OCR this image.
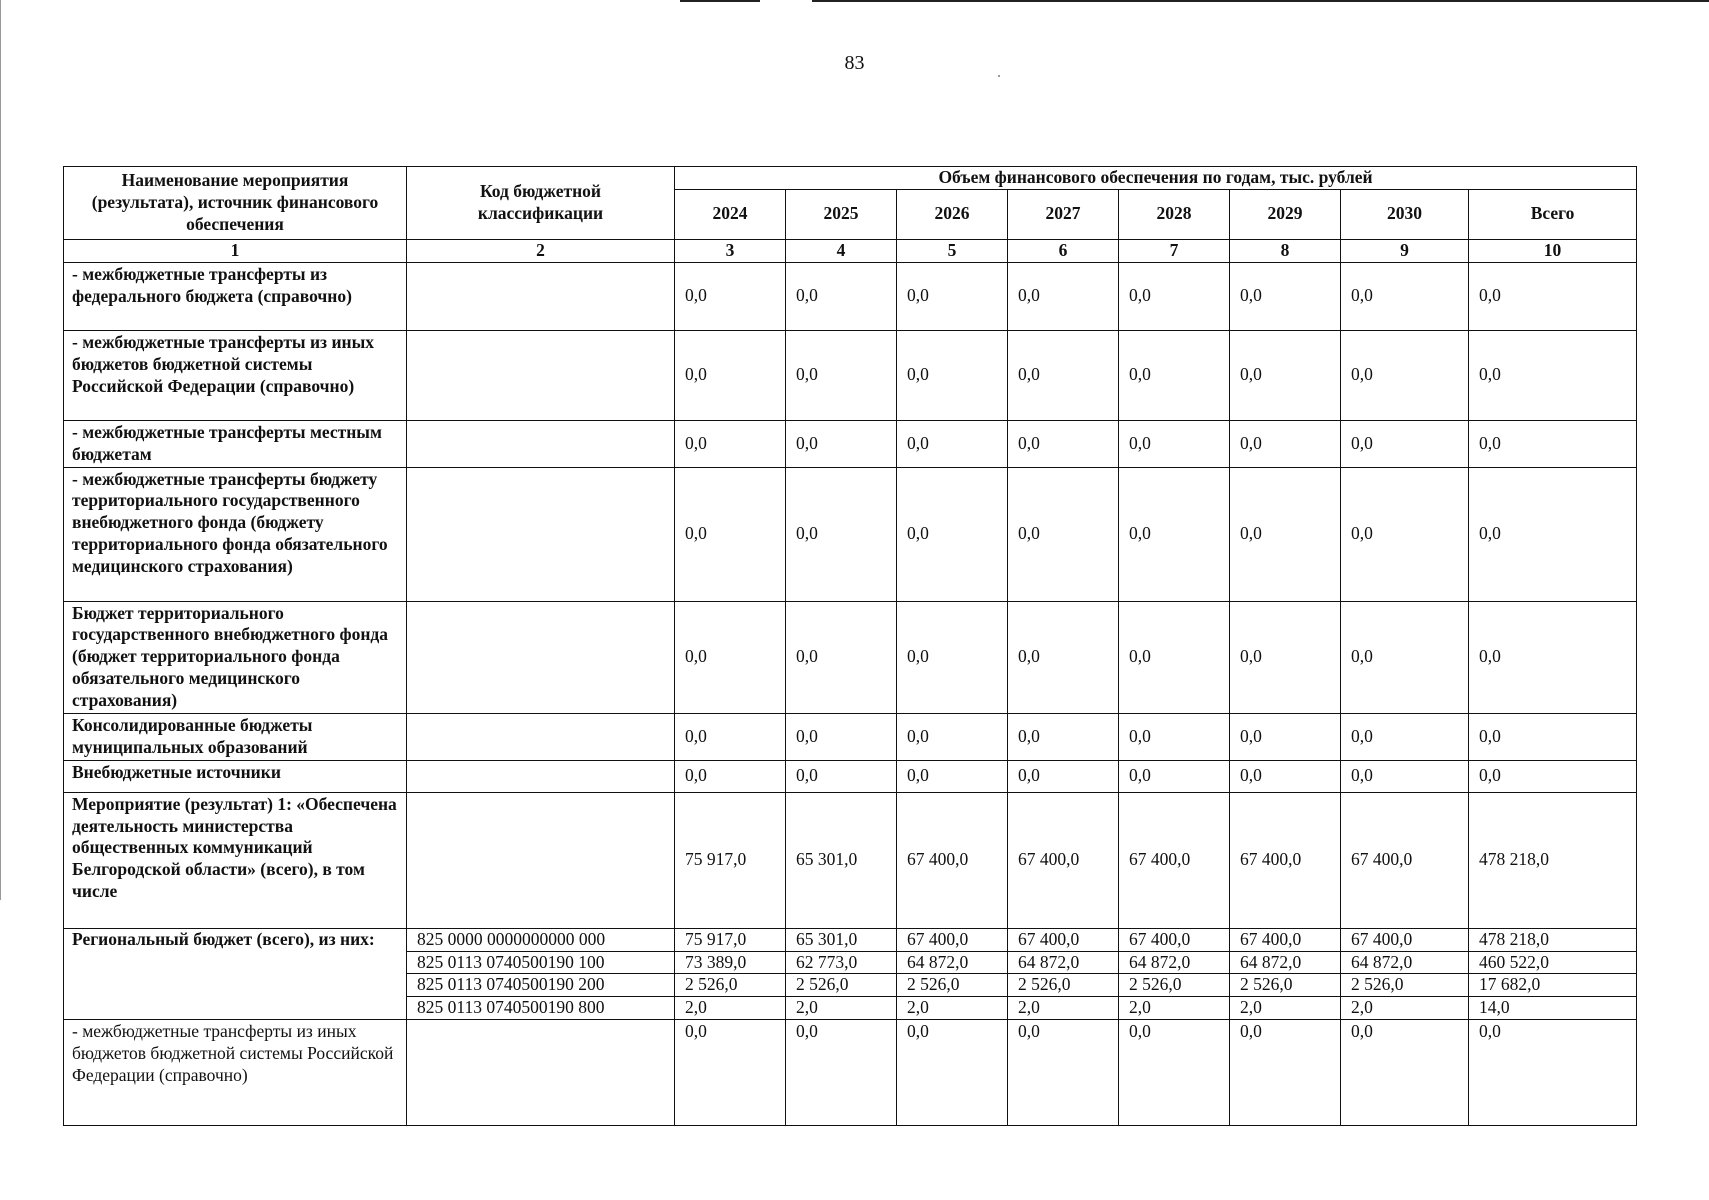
83
Наименование мероприятия (результата), источник финансового обеспечения	Код бюджетной классификации	Объем финансового обеспечения по годам, тыс. рублей							
		2024	2025	2026	2027	2028	2029	2030	Всего
1	2	3	4	5	6	7	8	9	10
- межбюджетные трансферты из федерального бюджета (справочно)		0,0	0,0	0,0	0,0	0,0	0,0	0,0	0,0
- межбюджетные трансферты из иных бюджетов бюджетной системы Российской Федерации (справочно)		0,0	0,0	0,0	0,0	0,0	0,0	0,0	0,0
- межбюджетные трансферты местным бюджетам		0,0	0,0	0,0	0,0	0,0	0,0	0,0	0,0
- межбюджетные трансферты бюджету территориального государственного внебюджетного фонда (бюджету территориального фонда обязательного медицинского страхования)		0,0	0,0	0,0	0,0	0,0	0,0	0,0	0,0
Бюджет территориального государственного внебюджетного фонда (бюджет территориального фонда обязательного медицинского страхования)		0,0	0,0	0,0	0,0	0,0	0,0	0,0	0,0
Консолидированные бюджеты муниципальных образований		0,0	0,0	0,0	0,0	0,0	0,0	0,0	0,0
Внебюджетные источники		0,0	0,0	0,0	0,0	0,0	0,0	0,0	0,0
Мероприятие (результат) 1: «Обеспечена деятельность министерства общественных коммуникаций Белгородской области» (всего), в том числе		75 917,0	65 301,0	67 400,0	67 400,0	67 400,0	67 400,0	67 400,0	478 218,0
Региональный бюджет (всего), из них:	825 0000 0000000000 000	75 917,0	65 301,0	67 400,0	67 400,0	67 400,0	67 400,0	67 400,0	478 218,0
	825 0113 0740500190 100	73 389,0	62 773,0	64 872,0	64 872,0	64 872,0	64 872,0	64 872,0	460 522,0
	825 0113 0740500190 200	2 526,0	2 526,0	2 526,0	2 526,0	2 526,0	2 526,0	2 526,0	17 682,0
	825 0113 0740500190 800	2,0	2,0	2,0	2,0	2,0	2,0	2,0	14,0
- межбюджетные трансферты из иных бюджетов бюджетной системы Российской Федерации (справочно)		0,0	0,0	0,0	0,0	0,0	0,0	0,0	0,0
